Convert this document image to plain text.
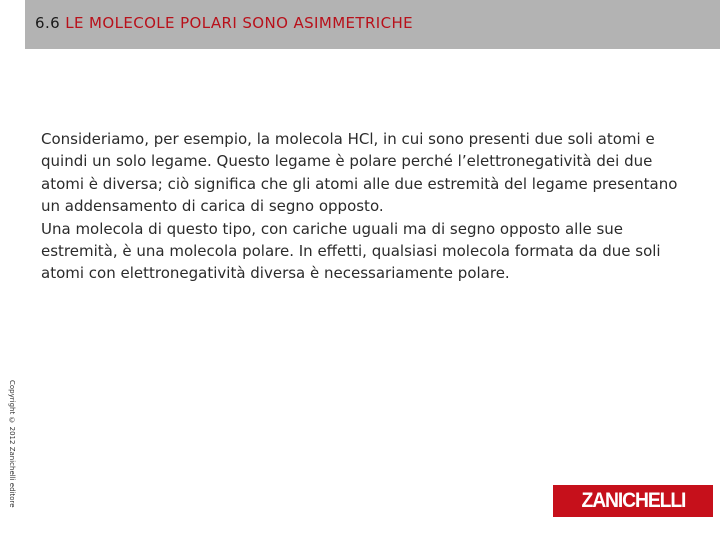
6.6 LE MOLECOLE POLARI SONO ASIMMETRICHE

Consideriamo, per esempio, la molecola HCl, in cui sono presenti due soli atomi e quindi un solo legame. Questo legame è polare perché l’elettronegatività dei due atomi è diversa; ciò significa che gli atomi alle due estremità del legame presentano un addensamento di carica di segno opposto.

Una molecola di questo tipo, con cariche uguali ma di segno opposto alle sue estremità, è una molecola polare. In effetti, qualsiasi molecola formata da due soli atomi con elettronegatività diversa è necessariamente polare.

Copyright © 2012 Zanichelli editore	ZANICHELLI
